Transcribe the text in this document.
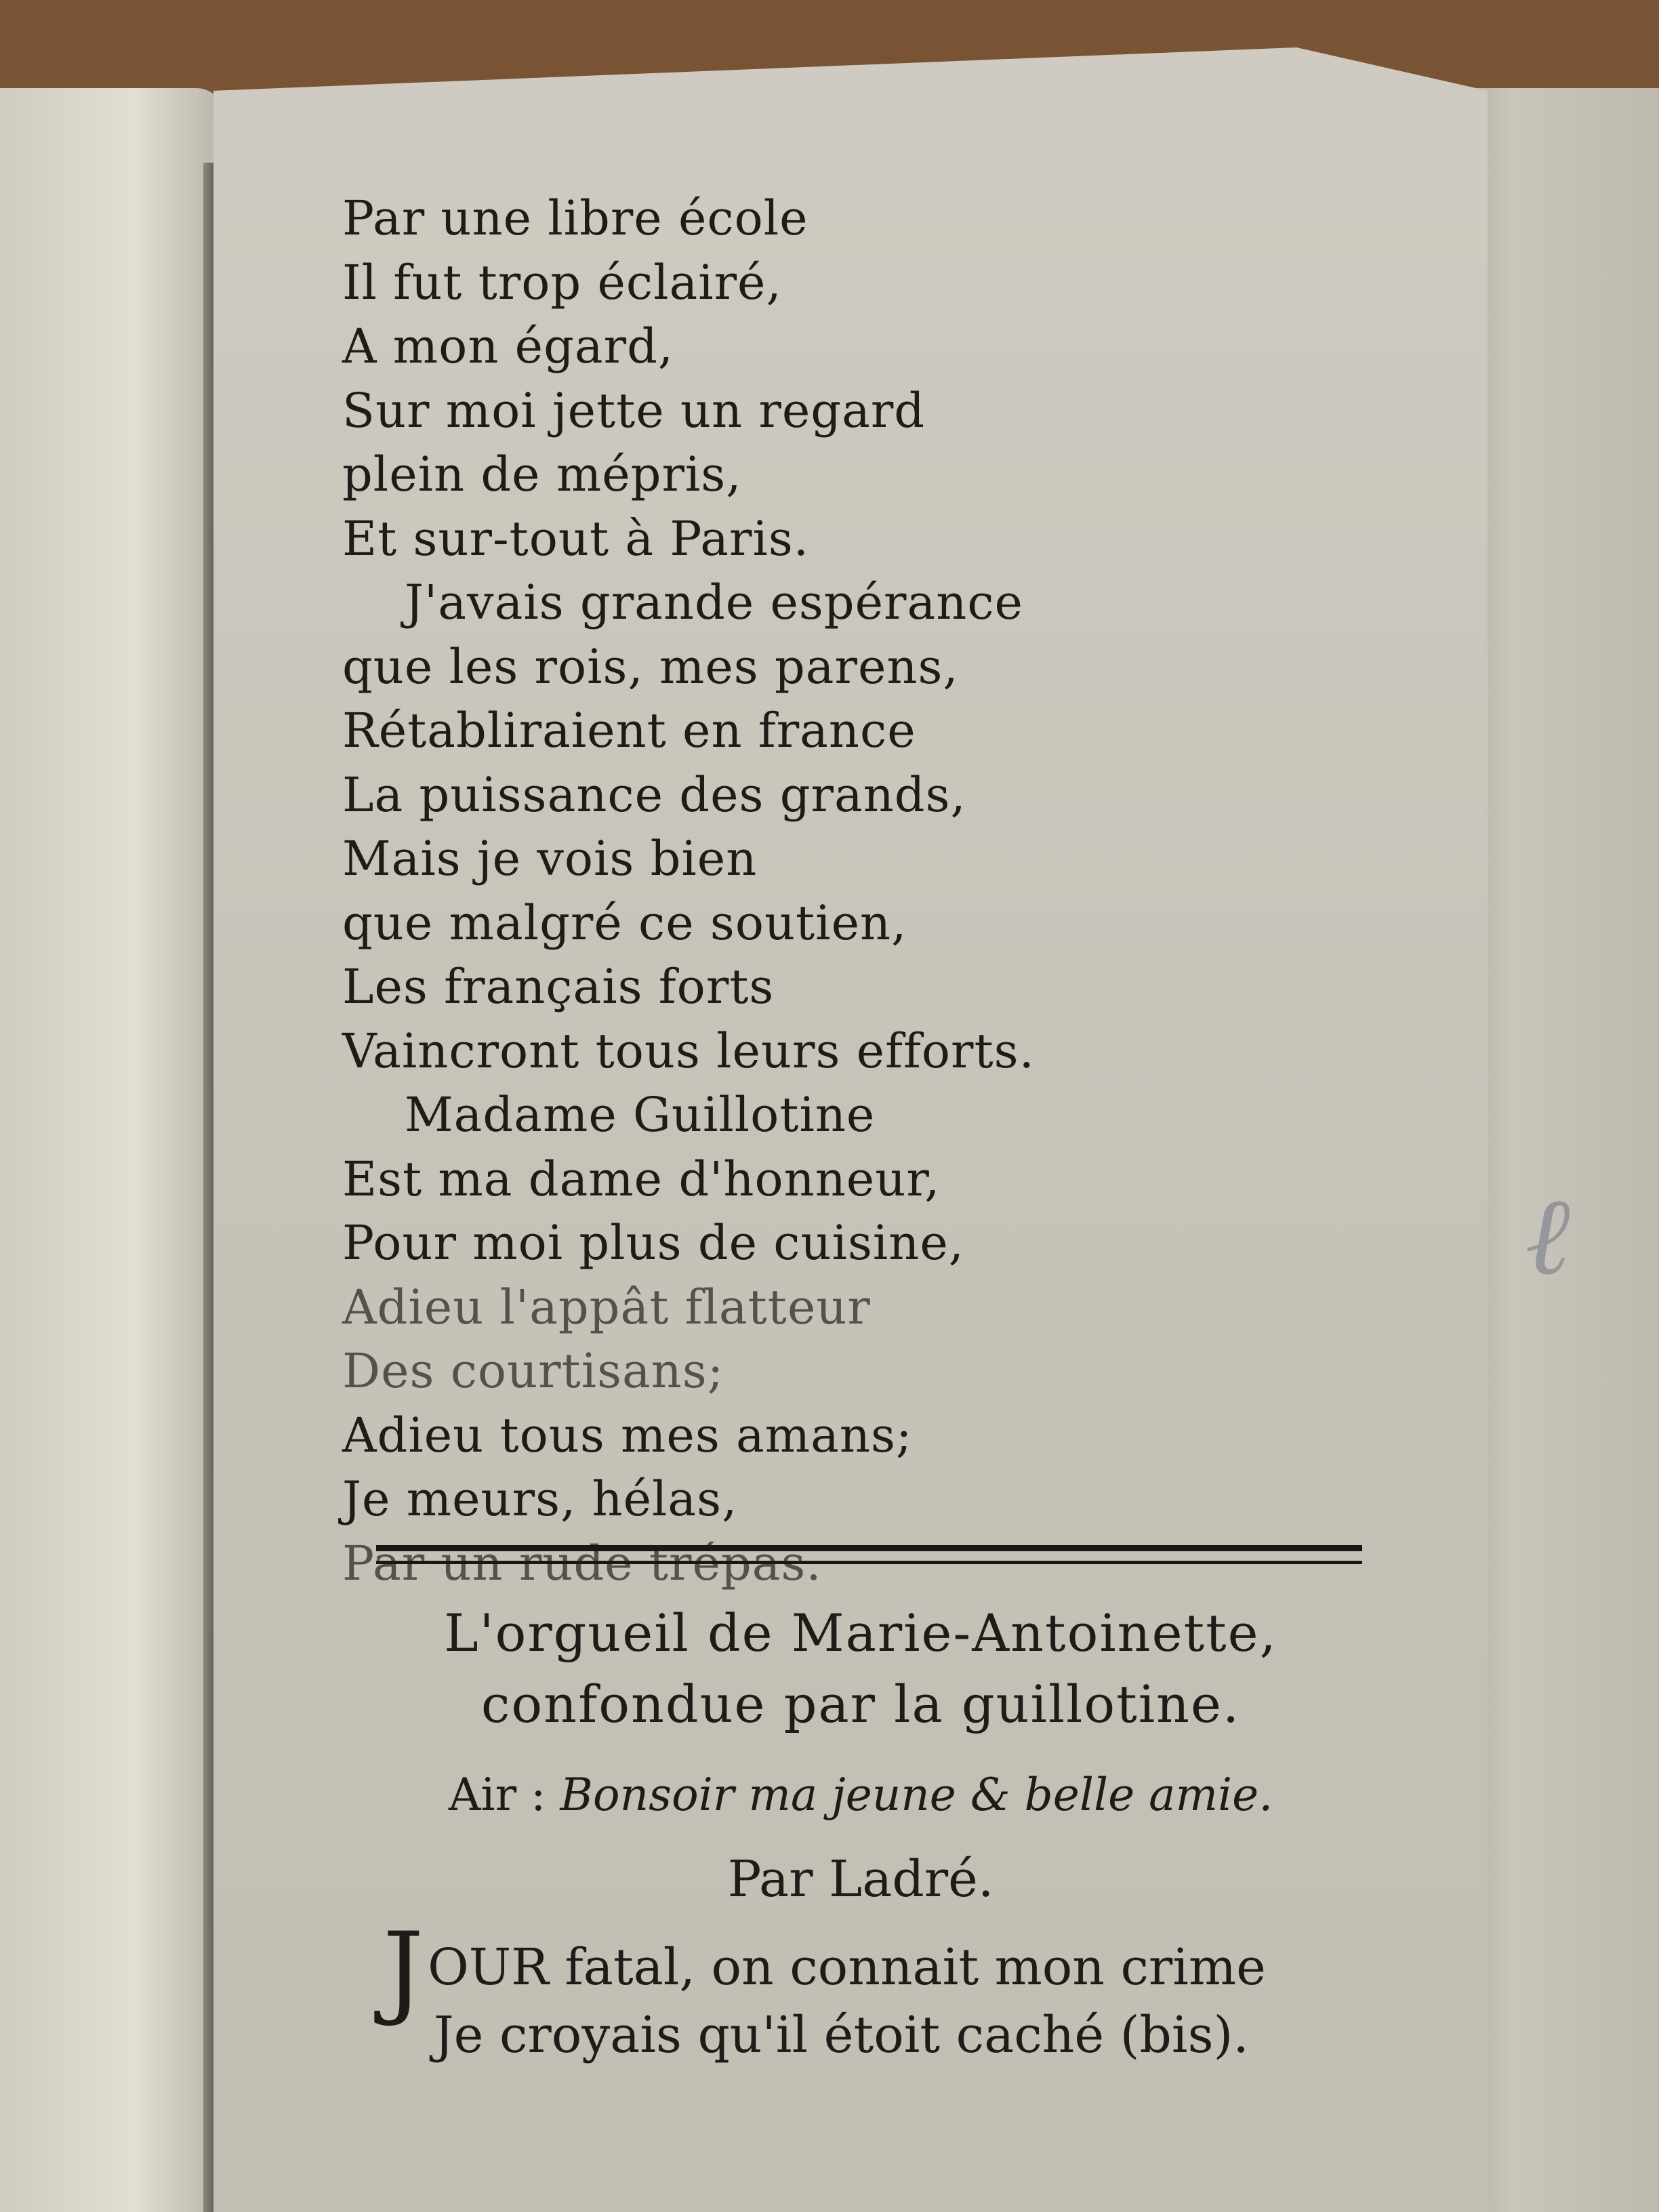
ℓ
Par une libre école
Il fut trop éclairé,
A mon égard,
Sur moi jette un regard
plein de mépris,
Et sur-tout à Paris.
J'avais grande espérance
que les rois, mes parens,
Rétabliraient en france
La puissance des grands,
Mais je vois bien
que malgré ce soutien,
Les français forts
Vaincront tous leurs efforts.
Madame Guillotine
Est ma dame d'honneur,
Pour moi plus de cuisine,
Adieu l'appât flatteur
Des courtisans;
Adieu tous mes amans;
Je meurs, hélas,
Par un rude trépas.
L'orgueil de Marie-Antoinette,
confondue par la guillotine.
Air : Bonsoir ma jeune & belle amie.
Par Ladré.
JOUR fatal, on connait mon crime
Je croyais qu'il étoit caché (bis).
